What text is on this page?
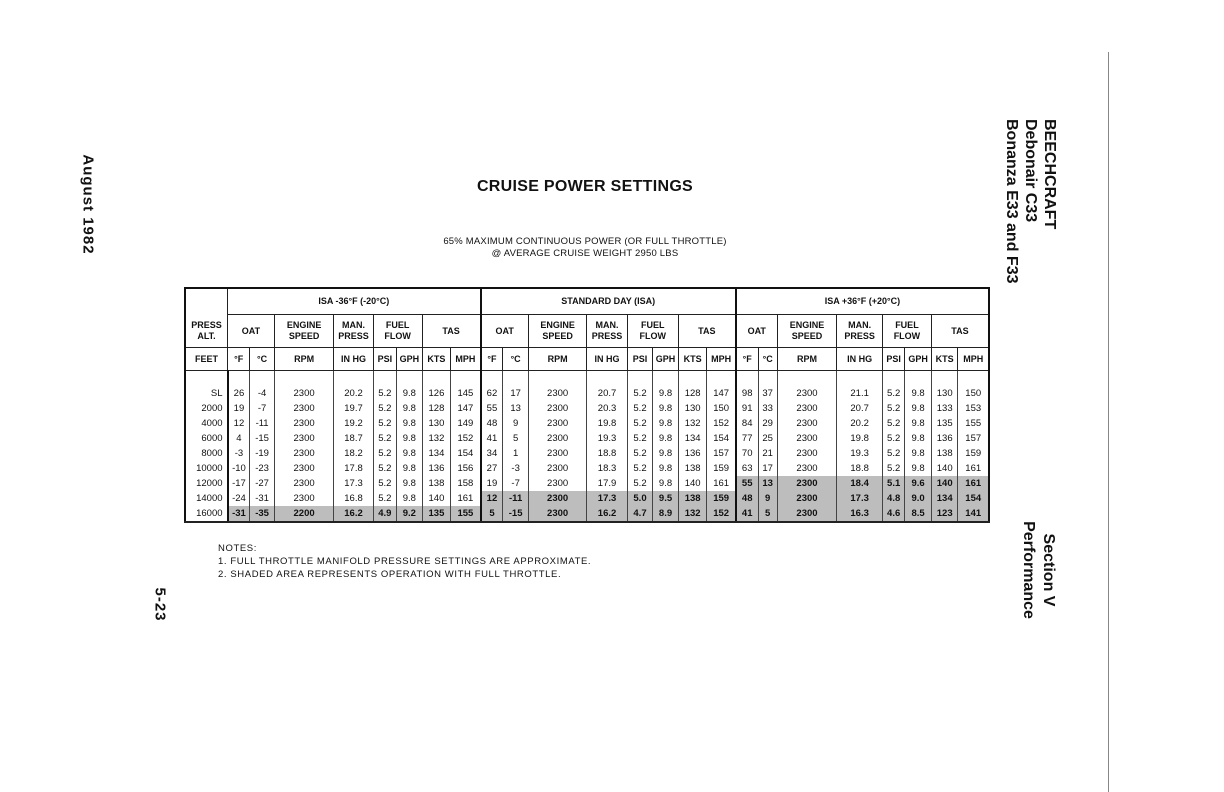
August 1982
5-23
BEECHCRAFT
Debonair C33
Bonanza E33 and F33
Section V
Performance
CRUISE POWER SETTINGS
65% MAXIMUM CONTINUOUS POWER (OR FULL THROTTLE)
@ AVERAGE CRUISE WEIGHT 2950 LBS
	ISA -36°F (-20°C)								STANDARD DAY (ISA)								ISA +36°F (+20°C)							
PRESS ALT.	OAT		ENGINE SPEED	MAN. PRESS	FUEL FLOW		TAS		OAT		ENGINE SPEED	MAN. PRESS	FUEL FLOW		TAS		OAT		ENGINE SPEED	MAN. PRESS	FUEL FLOW		TAS	
FEET	°F	°C	RPM	IN HG	PSI	GPH	KTS	MPH	°F	°C	RPM	IN HG	PSI	GPH	KTS	MPH	°F	°C	RPM	IN HG	PSI	GPH	KTS	MPH

SL	26	-4	2300	20.2	5.2	9.8	126	145	62	17	2300	20.7	5.2	9.8	128	147	98	37	2300	21.1	5.2	9.8	130	150
2000	19	-7	2300	19.7	5.2	9.8	128	147	55	13	2300	20.3	5.2	9.8	130	150	91	33	2300	20.7	5.2	9.8	133	153
4000	12	-11	2300	19.2	5.2	9.8	130	149	48	9	2300	19.8	5.2	9.8	132	152	84	29	2300	20.2	5.2	9.8	135	155
6000	4	-15	2300	18.7	5.2	9.8	132	152	41	5	2300	19.3	5.2	9.8	134	154	77	25	2300	19.8	5.2	9.8	136	157
8000	-3	-19	2300	18.2	5.2	9.8	134	154	34	1	2300	18.8	5.2	9.8	136	157	70	21	2300	19.3	5.2	9.8	138	159
10000	-10	-23	2300	17.8	5.2	9.8	136	156	27	-3	2300	18.3	5.2	9.8	138	159	63	17	2300	18.8	5.2	9.8	140	161
12000	-17	-27	2300	17.3	5.2	9.8	138	158	19	-7	2300	17.9	5.2	9.8	140	161	55	13	2300	18.4	5.1	9.6	140	161
14000	-24	-31	2300	16.8	5.2	9.8	140	161	12	-11	2300	17.3	5.0	9.5	138	159	48	9	2300	17.3	4.8	9.0	134	154
16000	-31	-35	2200	16.2	4.9	9.2	135	155	5	-15	2300	16.2	4.7	8.9	132	152	41	5	2300	16.3	4.6	8.5	123	141
NOTES:
1. FULL THROTTLE MANIFOLD PRESSURE SETTINGS ARE APPROXIMATE.
2. SHADED AREA REPRESENTS OPERATION WITH FULL THROTTLE.
